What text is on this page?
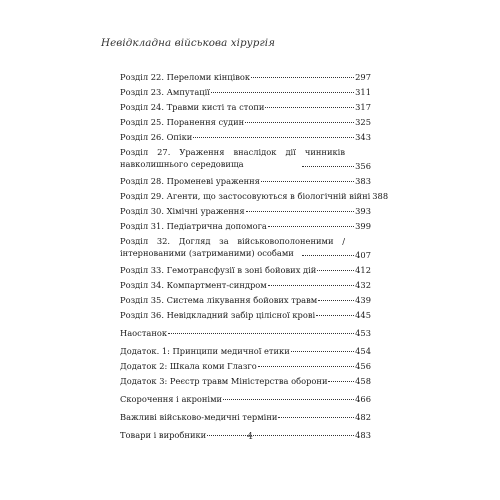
Невідкладна військова хірургія
Розділ 22. Переломи кінцівок	297
Розділ 23. Ампутації	311
Розділ 24. Травми кисті та стопи	317
Розділ 25. Поранення судин	325
Розділ 26. Опіки	343
Розділ 27. Ураження внаслідок дії чинників навколишнього середовища	356
Розділ 28. Променеві ураження	383
Розділ 29. Агенти, що застосовуються в біологічній війні 388
Розділ 30. Хімічні ураження	393
Розділ 31. Педіатрична допомога	399
Розділ 32. Догляд за військовополоненими / інтернованими (затриманими) особами	407
Розділ 33. Гемотрансфузії в зоні бойових дій	412
Розділ 34. Компартмент-синдром	432
Розділ 35. Система лікування бойових травм	439
Розділ 36. Невідкладний забір цілісної крові	445
Наостанок	453
Додаток. 1: Принципи медичної етики	454
Додаток 2: Шкала коми Глазго	456
Додаток 3: Реєстр травм Міністерства оборони	458
Скорочення і акроніми	466
Важливі військово-медичні терміни	482
Товари і виробники	483
4
